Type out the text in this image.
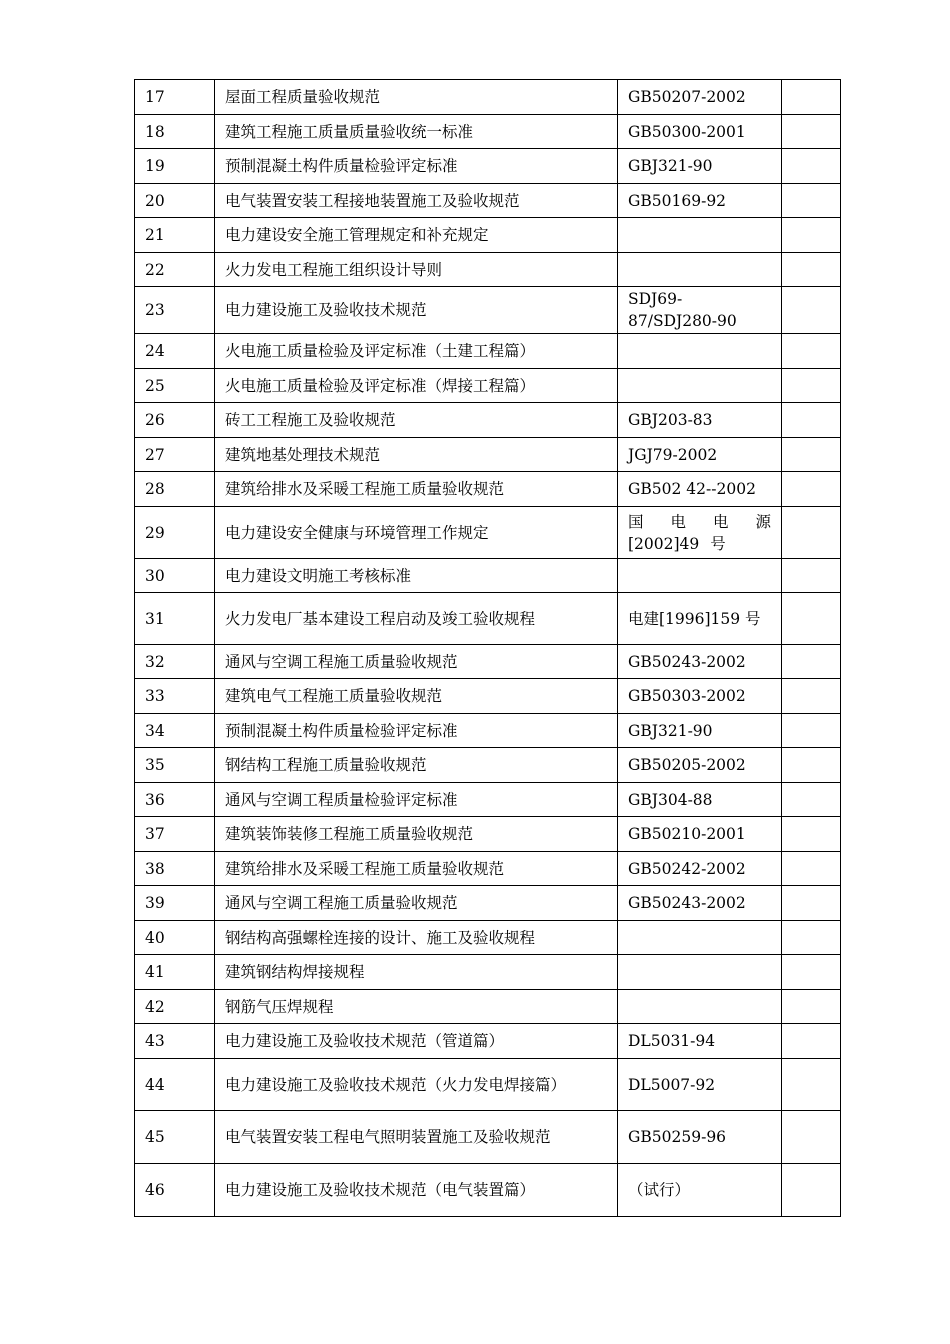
17	屋面工程质量验收规范	GB50207-2002	
18	建筑工程施工质量质量验收统一标准	GB50300-2001	
19	预制混凝土构件质量检验评定标准	GBJ321-90	
20	电气装置安装工程接地装置施工及验收规范	GB50169-92	
21	电力建设安全施工管理规定和补充规定		
22	火力发电工程施工组织设计导则		
23	电力建设施工及验收技术规范	SDJ69-87/SDJ280-90	
24	火电施工质量检验及评定标准（土建工程篇）		
25	火电施工质量检验及评定标准（焊接工程篇）		
26	砖工工程施工及验收规范	GBJ203-83	
27	建筑地基处理技术规范	JGJ79-2002	
28	建筑给排水及采暖工程施工质量验收规范	GB502 42--2002	
29	电力建设安全健康与环境管理工作规定	国 电 电 源 [2002]49 号	
30	电力建设文明施工考核标准		
31	火力发电厂基本建设工程启动及竣工验收规程	电建[1996]159 号	
32	通风与空调工程施工质量验收规范	GB50243-2002	
33	建筑电气工程施工质量验收规范	GB50303-2002	
34	预制混凝土构件质量检验评定标准	GBJ321-90	
35	钢结构工程施工质量验收规范	GB50205-2002	
36	通风与空调工程质量检验评定标准	GBJ304-88	
37	建筑装饰装修工程施工质量验收规范	GB50210-2001	
38	建筑给排水及采暖工程施工质量验收规范	GB50242-2002	
39	通风与空调工程施工质量验收规范	GB50243-2002	
40	钢结构高强螺栓连接的设计、施工及验收规程		
41	建筑钢结构焊接规程		
42	钢筋气压焊规程		
43	电力建设施工及验收技术规范（管道篇）	DL5031-94	
44	电力建设施工及验收技术规范（火力发电焊接篇）	DL5007-92	
45	电气装置安装工程电气照明装置施工及验收规范	GB50259-96	
46	电力建设施工及验收技术规范（电气装置篇）	（试行）	
